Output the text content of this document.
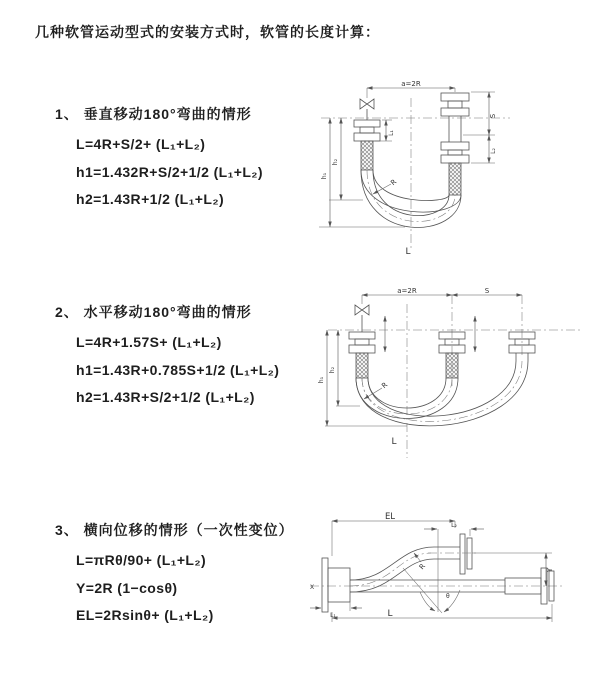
几种软管运动型式的安装方式时，软管的长度计算：
1、 垂直移动180°弯曲的情形
L=4R+S/2+ (L₁+L₂)
h1=1.432R+S/2+1/2 (L₁+L₂)
h2=1.43R+1/2 (L₁+L₂)
2、 水平移动180°弯曲的情形
L=4R+1.57S+ (L₁+L₂)
h1=1.43R+0.785S+1/2 (L₁+L₂)
h2=1.43R+S/2+1/2 (L₁+L₂)
3、 横向位移的情形（一次性变位）
L=πRθ/90+ (L₁+L₂)
Y=2R (1−cosθ)
EL=2Rsinθ+ (L₁+L₂)
a=2R
h₁
h₂
L₁
S
L₂
R
L
a=2R	S
h₁
h₂
R
L
EL
L₂
Y
X
θ
R
L₁	L
